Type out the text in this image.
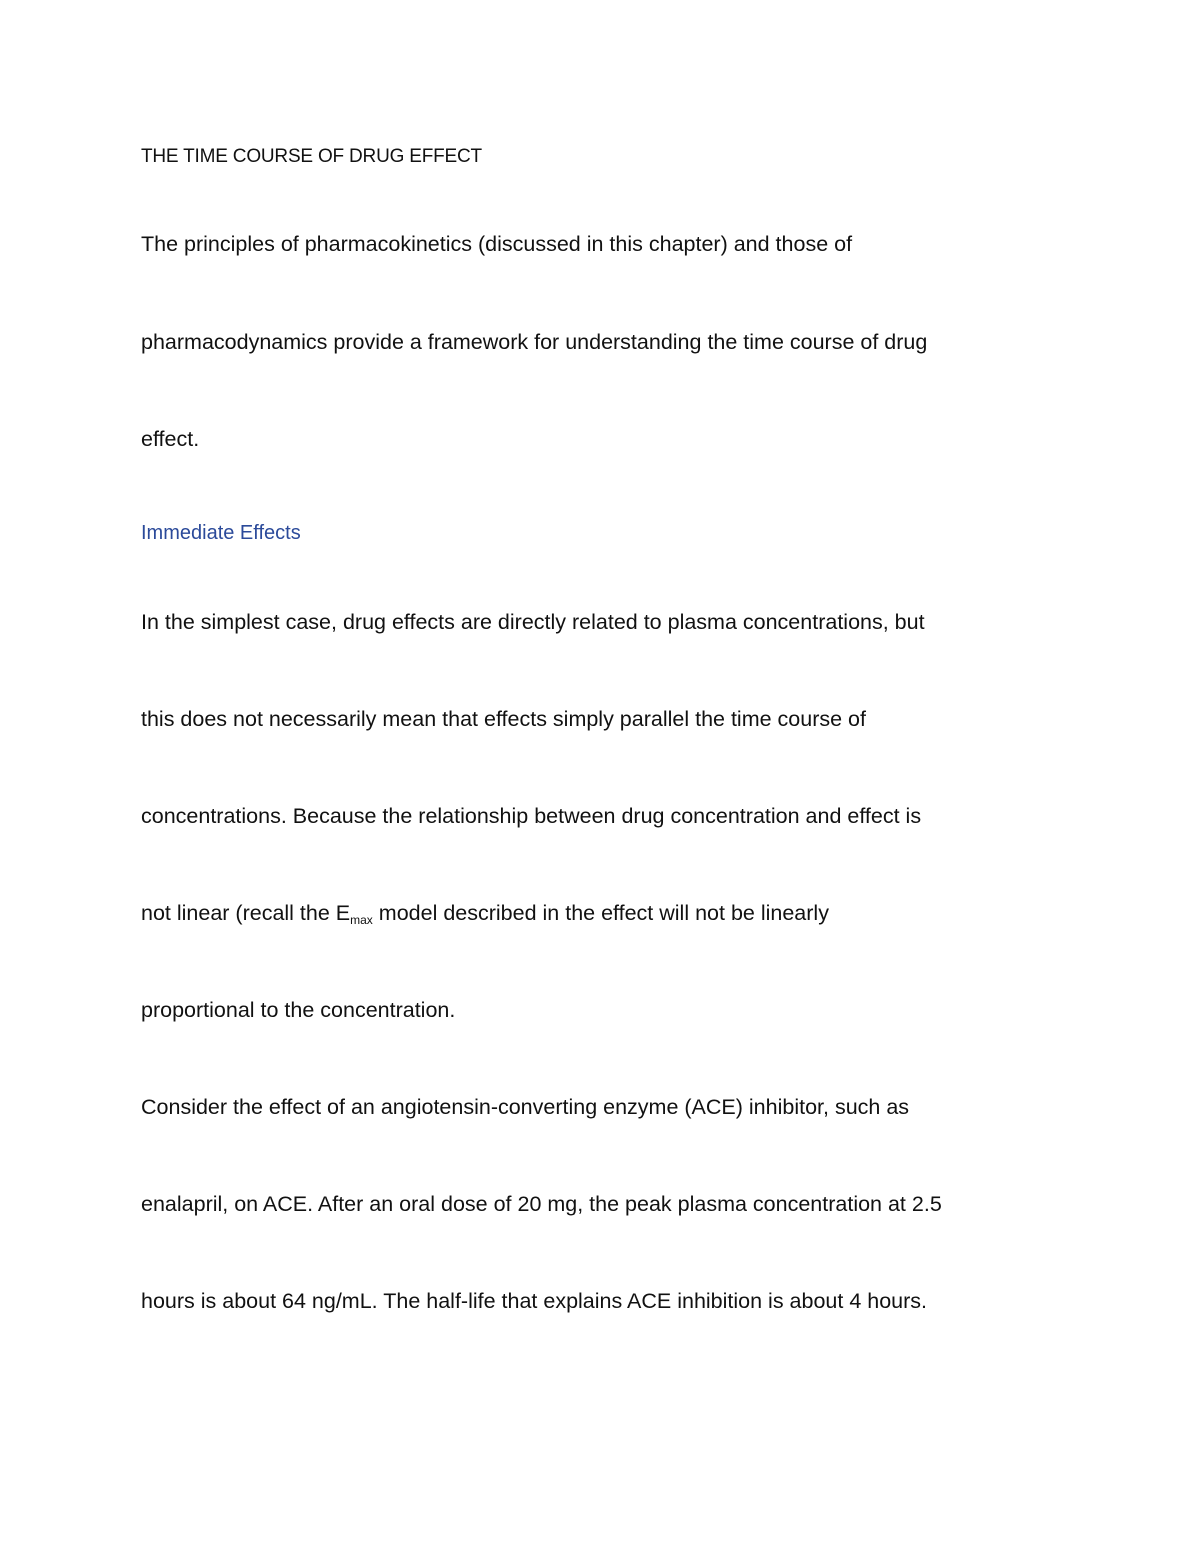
THE TIME COURSE OF DRUG EFFECT
The principles of pharmacokinetics (discussed in this chapter) and those of
pharmacodynamics provide a framework for understanding the time course of drug
effect.
Immediate Effects
In the simplest case, drug effects are directly related to plasma concentrations, but
this does not necessarily mean that effects simply parallel the time course of
concentrations. Because the relationship between drug concentration and effect is
not linear (recall the $E_{max}$ model described in the effect will not be linearly
proportional to the concentration.
Consider the effect of an angiotensin-converting enzyme (ACE) inhibitor, such as
enalapril, on ACE. After an oral dose of 20 mg, the peak plasma concentration at 2.5
hours is about 64 ng/mL. The half-life that explains ACE inhibition is about 4 hours.
